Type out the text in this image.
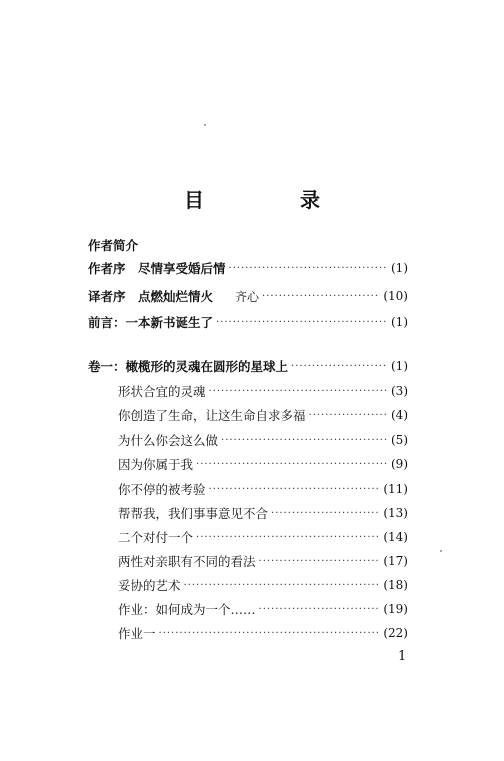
目　录
作者简介
作者序　尽情享受婚后情 ·····	(1)
译者序　点燃灿烂情火 齐心 ·····	(10)
前言：一本新书诞生了 ·····	(1)
卷一：橄榄形的灵魂在圆形的星球上 ·····	(1)
形状合宜的灵魂 ·····	(3)
你创造了生命，让这生命自求多福 ·····	(4)
为什么你会这么做 ·····	(5)
因为你属于我 ·····	(9)
你不停的被考验 ·····	(11)
帮帮我，我们事事意见不合 ·····	(13)
二个对付一个 ·····	(14)
两性对亲职有不同的看法 ·····	(17)
妥协的艺术 ·····	(18)
作业：如何成为一个…… ·····	(19)
作业一 ·····	(22)
1
